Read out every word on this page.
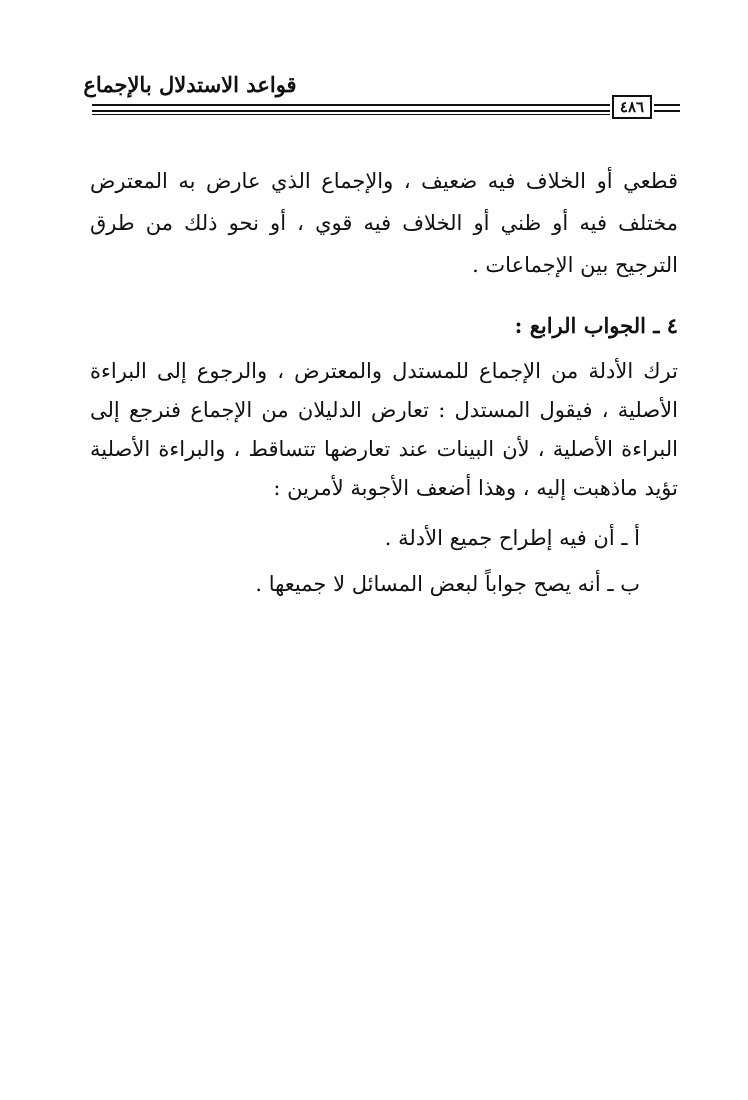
قواعد الاستدلال بالإجماع
٤٨٦
قطعي أو الخلاف فيه ضعيف ، والإجماع الذي عارض به المعترض مختلف فيه أو ظني أو الخلاف فيه قوي ، أو نحو ذلك من طرق الترجيح بين الإجماعات .
٤ ـ الجواب الرابع :
ترك الأدلة من الإجماع للمستدل والمعترض ، والرجوع إلى البراءة الأصلية ، فيقول المستدل : تعارض الدليلان من الإجماع فنرجع إلى البراءة الأصلية ، لأن البينات عند تعارضها تتساقط ، والبراءة الأصلية تؤيد ماذهبت إليه ، وهذا أضعف الأجوبة لأمرين :
أ ـ أن فيه إطراح جميع الأدلة .
ب ـ أنه يصح جواباً لبعض المسائل لا جميعها .
